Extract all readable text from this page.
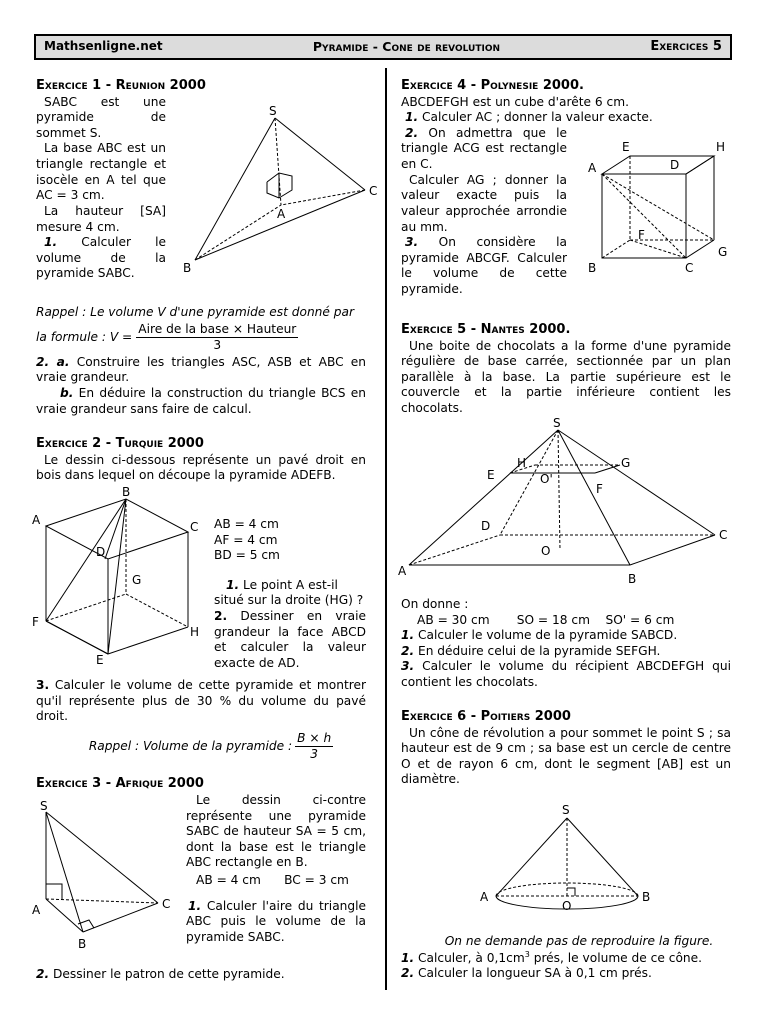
Mathsenligne.net	Pyramide - Cone de revolution	Exercices 5

Exercice 1 - Reunion 2000

SABC est une pyramide de sommet S.

La base ABC est un triangle rectangle et isocèle en A tel que AC = 3 cm.

La hauteur [SA] mesure 4 cm.

1. Calculer le volume de la pyramide SABC.

S
A
B
C

Rappel : Le volume V d'une pyramide est donné par

la formule : $V = \frac{\text{Aire de la base × Hauteur}}{3}$

2. a. Construire les triangles ASC, ASB et ABC en vraie grandeur.

b. En déduire la construction du triangle BCS en vraie grandeur sans faire de calcul.

Exercice 2 - Turquie 2000

Le dessin ci-dessous représente un pavé droit en bois dans lequel on découpe la pyramide ADEFB.

B
A	C
D
G
F
H
E

AB = 4 cm

AF = 4 cm

BD = 5 cm

1. Le point A est-il situé sur la droite (HG) ?

2. Dessiner en vraie grandeur la face ABCD et calculer la valeur exacte de AD.

3. Calculer le volume de cette pyramide et montrer qu'il représente plus de 30 % du volume du pavé droit.

Rappel : Volume de la pyramide : $\frac{B \times h}{3}$

Exercice 3 - Afrique 2000

S
A
B
C

Le dessin ci-contre représente une pyramide SABC de hauteur SA = 5 cm, dont la base est le triangle ABC rectangle en B.

AB = 4 cm      BC = 3 cm

1. Calculer l'aire du triangle ABC puis le volume de la pyramide SABC.

2. Dessiner le patron de cette pyramide.

Exercice 4 - Polynesie 2000.

ABCDEFGH est un cube d'arête 6 cm.

1. Calculer AC ; donner la valeur exacte.

2. On admettra que le triangle ACG est rectangle en C.

Calculer AG ; donner la valeur exacte puis la valeur approchée arrondie au mm.

3. On considère la pyramide ABCGF. Calculer le volume de cette pyramide.

A
E	H
D
F
G
B	C

Exercice 5 - Nantes 2000.

Une boite de chocolats a la forme d'une pyramide régulière de base carrée, sectionnée par un plan parallèle à la base. La partie supérieure est le couvercle et la partie inférieure contient les chocolats.

S
H	G
E	O'
F
D
O
C
A
B

On donne :

AB = 30 cm       SO = 18 cm    SO' = 6 cm

1. Calculer le volume de la pyramide SABCD.

2. En déduire celui de la pyramide SEFGH.

3. Calculer le volume du récipient ABCDEFGH qui contient les chocolats.

Exercice 6 - Poitiers 2000

Un cône de révolution a pour sommet le point S ; sa hauteur est de 9 cm ; sa base est un cercle de centre O et de rayon 6 cm, dont le segment [AB] est un diamètre.

S
A	B
O

On ne demande pas de reproduire la figure.

1. Calculer, à $0,1cm^3$ prés, le volume de ce cône.

2. Calculer la longueur SA à 0,1 cm prés.
